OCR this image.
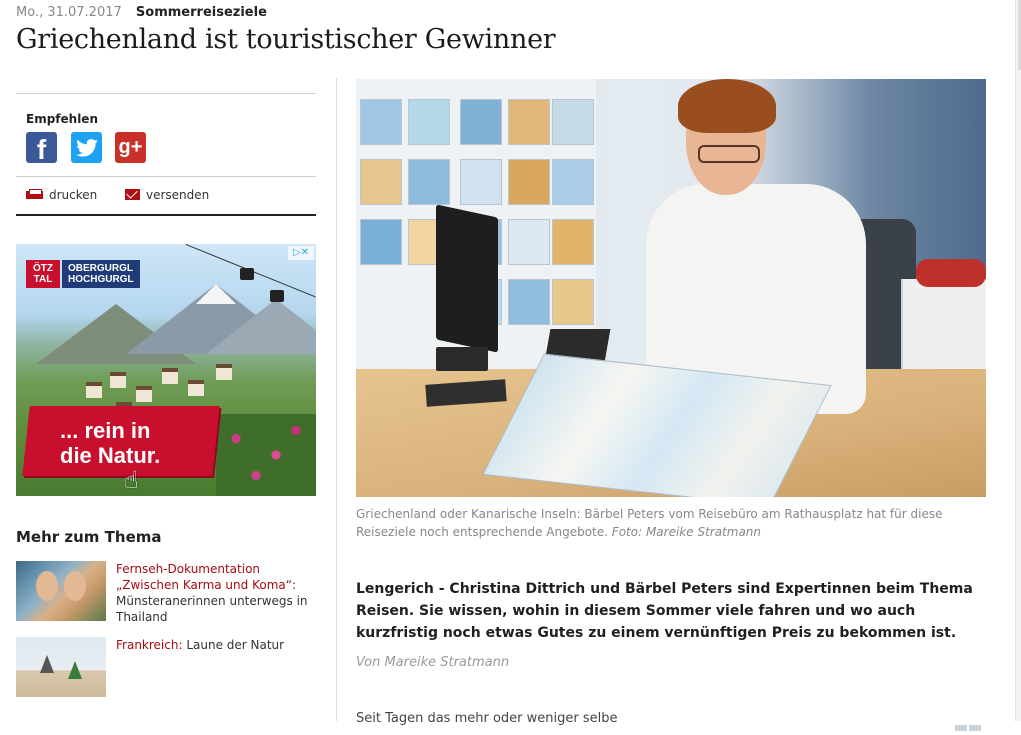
Mo., 31.07.2017 Sommerreiseziele
Griechenland ist touristischer Gewinner
Empfehlen
f	g+
drucken	versenden
ÖTZ
TAL
OBERGURGL
HOCHGURGL
▷✕
... rein in
die Natur.
☝
Mehr zum Thema
Fernseh-Dokumentation „Zwischen Karma und Koma“: Münsteranerinnen unterwegs in Thailand
Frankreich: Laune der Natur
Griechenland oder Kanarische Inseln: Bärbel Peters vom Reisebüro am Rathausplatz hat für diese Reiseziele noch entsprechende Angebote. Foto: Mareike Stratmann

Lengerich - Christina Dittrich und Bärbel Peters sind Expertinnen beim Thema Reisen. Sie wissen, wohin in diesem Sommer viele fahren und wo auch kurzfristig noch etwas Gutes zu einem vernünftigen Preis zu bekommen ist.

Von Mareike Stratmann
Seit Tagen das mehr oder weniger selbe
